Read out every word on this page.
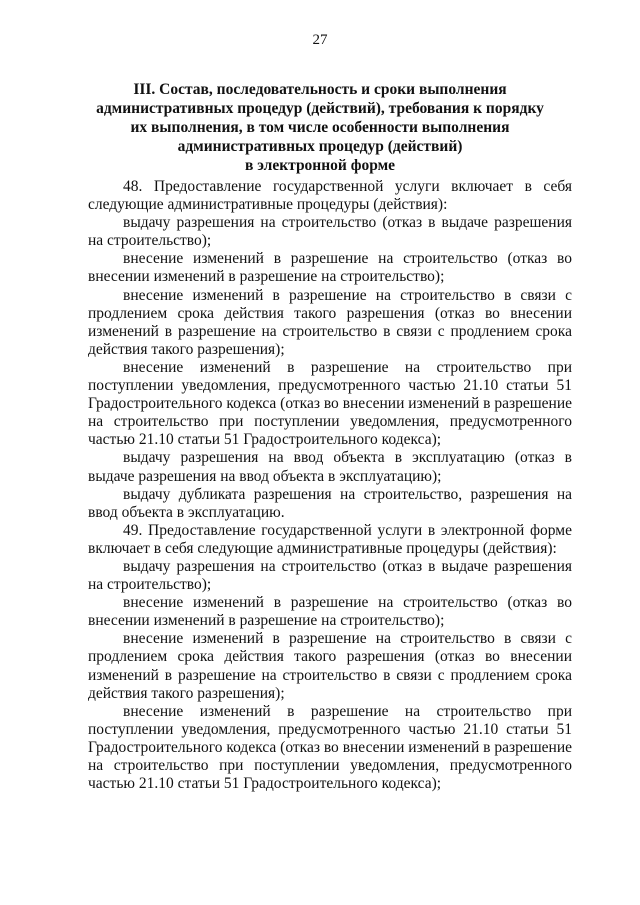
27
III. Состав, последовательность и сроки выполнения
административных процедур (действий), требования к порядку
их выполнения, в том числе особенности выполнения
административных процедур (действий)
в электронной форме

48. Предоставление государственной услуги включает в себя следующие административные процедуры (действия):

выдачу разрешения на строительство (отказ в выдаче разрешения на строительство);

внесение изменений в разрешение на строительство (отказ во внесении изменений в разрешение на строительство);

внесение изменений в разрешение на строительство в связи с продлением срока действия такого разрешения (отказ во внесении изменений в разрешение на строительство в связи с продлением срока действия такого разрешения);

внесение изменений в разрешение на строительство при поступлении уведомления, предусмотренного частью 21.10 статьи 51 Градостроительного кодекса (отказ во внесении изменений в разрешение на строительство при поступлении уведомления, предусмотренного частью 21.10 статьи 51 Градостроительного кодекса);

выдачу разрешения на ввод объекта в эксплуатацию (отказ в выдаче разрешения на ввод объекта в эксплуатацию);

выдачу дубликата разрешения на строительство, разрешения на ввод объекта в эксплуатацию.

49. Предоставление государственной услуги в электронной форме включает в себя следующие административные процедуры (действия):

выдачу разрешения на строительство (отказ в выдаче разрешения на строительство);

внесение изменений в разрешение на строительство (отказ во внесении изменений в разрешение на строительство);

внесение изменений в разрешение на строительство в связи с продлением срока действия такого разрешения (отказ во внесении изменений в разрешение на строительство в связи с продлением срока действия такого разрешения);

внесение изменений в разрешение на строительство при поступлении уведомления, предусмотренного частью 21.10 статьи 51 Градостроительного кодекса (отказ во внесении изменений в разрешение на строительство при поступлении уведомления, предусмотренного частью 21.10 статьи 51 Градостроительного кодекса);
